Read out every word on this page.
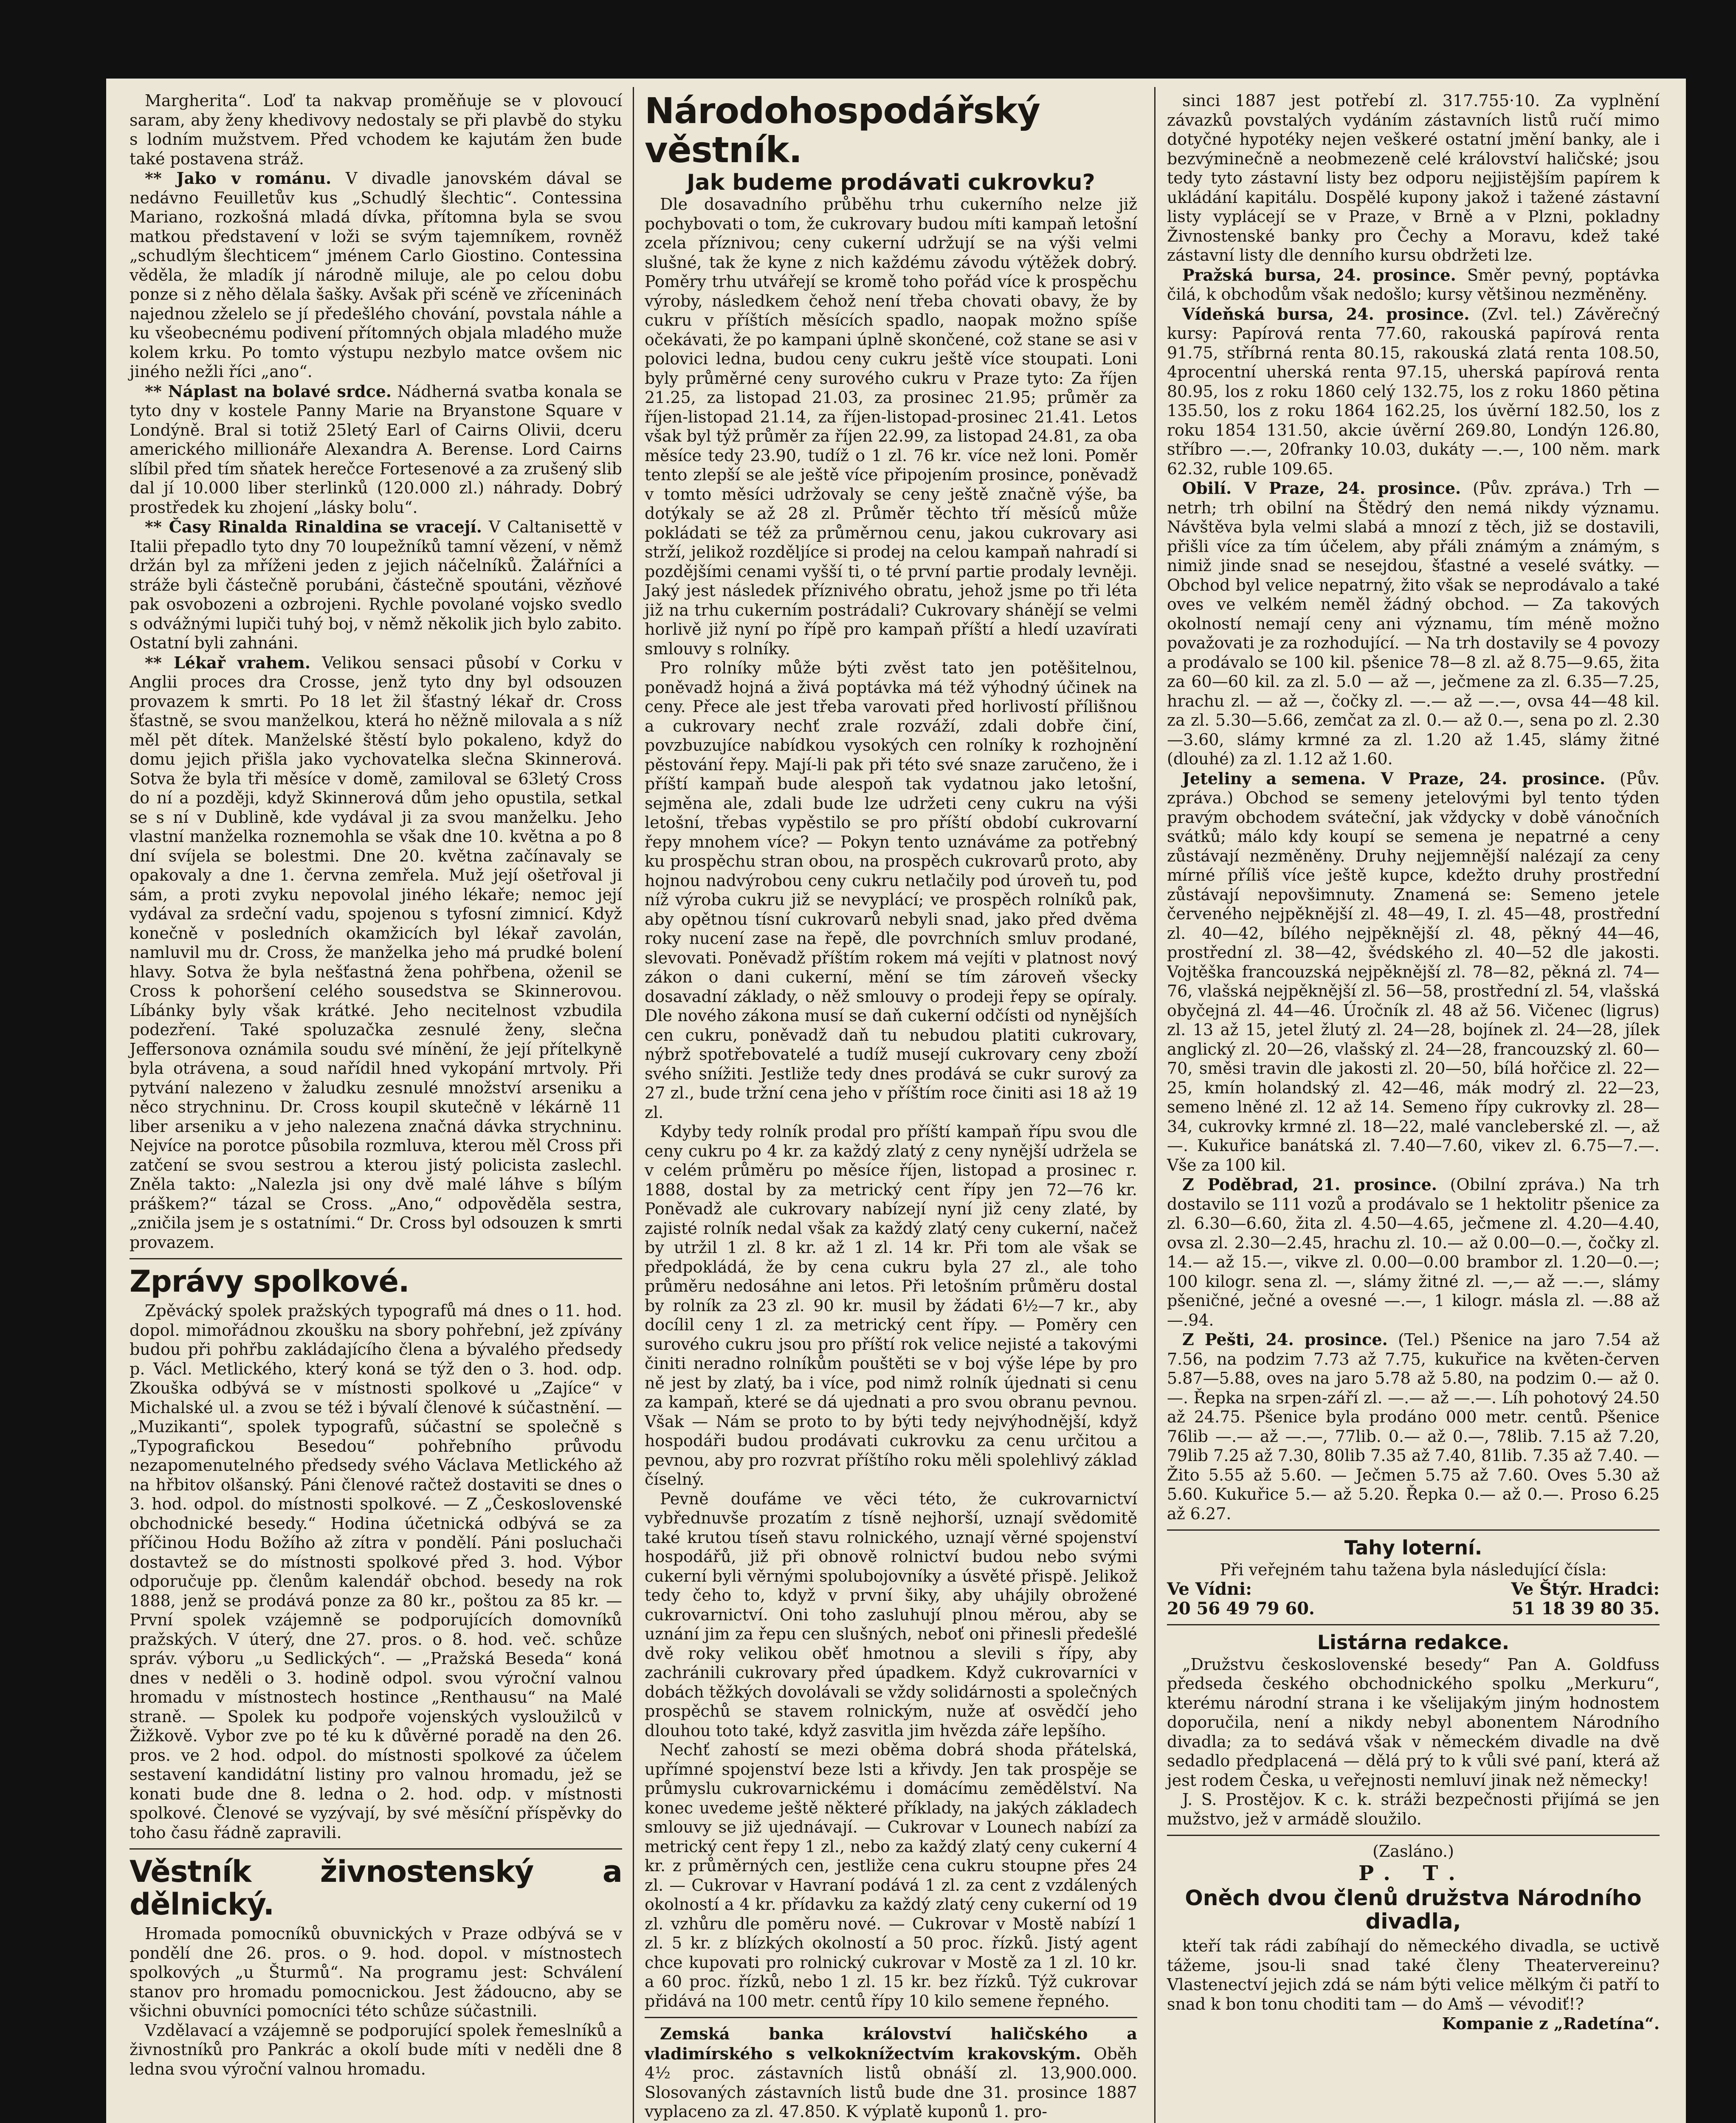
Margherita“. Loď ta nakvap proměňuje se v plovoucí saram, aby ženy khedivovy nedostaly se při plavbě do styku s lodním mužstvem. Před vchodem ke kajutám žen bude také postavena stráž.

** Jako v románu. V divadle janovském dával se nedávno Feuilletův kus „Schudlý šlechtic“. Contessina Mariano, rozkošná mladá dívka, přítomna byla se svou matkou představení v loži se svým tajemníkem, rovněž „schudlým šlechticem“ jménem Carlo Giostino. Contessina věděla, že mladík jí národně miluje, ale po celou dobu ponze si z něho dělala šašky. Avšak při scéně ve zříceninách najednou zželelo se jí předešlého chování, povstala náhle a ku všeobecnému podivení přítomných objala mladého muže kolem krku. Po tomto výstupu nezbylo matce ovšem nic jiného nežli říci „ano“.

** Náplast na bolavé srdce. Nádherná svatba konala se tyto dny v kostele Panny Marie na Bryanstone Square v Londýně. Bral si totiž 25letý Earl of Cairns Olivii, dceru amerického millionáře Alexandra A. Berense. Lord Cairns slíbil před tím sňatek herečce Fortesenové a za zrušený slib dal jí 10.000 liber sterlinků (120.000 zl.) náhrady. Dobrý prostředek ku zhojení „lásky bolu“.

** Časy Rinalda Rinaldina se vracejí. V Caltanisettě v Italii přepadlo tyto dny 70 loupežníků tamní vězení, v němž držán byl za mříženi jeden z jejich náčelníků. Žalářníci a stráže byli částečně porubáni, částečně spoutáni, vězňové pak osvobozeni a ozbrojeni. Rychle povolané vojsko svedlo s odvážnými lupiči tuhý boj, v němž několik jich bylo zabito. Ostatní byli zahnáni.

** Lékař vrahem. Velikou sensaci působí v Corku v Anglii proces dra Crosse, jenž tyto dny byl odsouzen provazem k smrti. Po 18 let žil šťastný lékař dr. Cross šťastně, se svou manželkou, která ho něžně milovala a s níž měl pět dítek. Manželské štěstí bylo pokaleno, když do domu jejich přišla jako vychovatelka slečna Skinnerová. Sotva že byla tři měsíce v domě, zamiloval se 63letý Cross do ní a později, když Skinnerová dům jeho opustila, setkal se s ní v Dublině, kde vydával ji za svou manželku. Jeho vlastní manželka roznemohla se však dne 10. května a po 8 dní svíjela se bolestmi. Dne 20. května začínavaly se opakovaly a dne 1. června zemřela. Muž její ošetřoval ji sám, a proti zvyku nepovolal jiného lékaře; nemoc její vydával za srdeční vadu, spojenou s tyfosní zimnicí. Když konečně v posledních okamžicích byl lékař zavolán, namluvil mu dr. Cross, že manželka jeho má prudké bolení hlavy. Sotva že byla nešťastná žena pohřbena, oženil se Cross k pohoršení celého sousedstva se Skinnerovou. Líbánky byly však krátké. Jeho necitelnost vzbudila podezření. Také spoluzačka zesnulé ženy, slečna Jeffersonova oznámila soudu své mínění, že její přítelkyně byla otrávena, a soud nařídil hned vykopání mrtvoly. Při pytvání nalezeno v žaludku zesnulé množství arseniku a něco strychninu. Dr. Cross koupil skutečně v lékárně 11 liber arseniku a v jeho nalezena značná dávka strychninu. Nejvíce na porotce působila rozmluva, kterou měl Cross při zatčení se svou sestrou a kterou jistý policista zaslechl. Zněla takto: „Nalezla jsi ony dvě malé láhve s bílým práškem?“ tázal se Cross. „Ano,“ odpověděla sestra, „zničila jsem je s ostatními.“ Dr. Cross byl odsouzen k smrti provazem.

Zprávy spolkové.

Zpěvácký spolek pražských typografů má dnes o 11. hod. dopol. mimořádnou zkoušku na sbory pohřební, jež zpívány budou při pohřbu zakládajícího člena a bývalého předsedy p. Václ. Metlického, který koná se týž den o 3. hod. odp. Zkouška odbývá se v místnosti spolkové u „Zajíce“ v Michalské ul. a zvou se též i bývalí členové k súčastnění. — „Muzikanti“, spolek typografů, súčastní se společně s „Typografickou Besedou“ pohřebního průvodu nezapomenutelného předsedy svého Václava Metlického až na hřbitov olšanský. Páni členové račtež dostaviti se dnes o 3. hod. odpol. do místnosti spolkové. — Z „Československé obchodnické besedy.“ Hodina účetnická odbývá se za příčinou Hodu Božího až zítra v pondělí. Páni posluchači dostavtež se do místnosti spolkové před 3. hod. Výbor odporučuje pp. členům kalendář obchod. besedy na rok 1888, jenž se prodává ponze za 80 kr., poštou za 85 kr. — První spolek vzájemně se podporujících domovníků pražských. V úterý, dne 27. pros. o 8. hod. več. schůze správ. výboru „u Sedlických“. — „Pražská Beseda“ koná dnes v neděli o 3. hodině odpol. svou výroční valnou hromadu v místnostech hostince „Renthausu“ na Malé straně. — Spolek ku podpoře vojenských vysloužilců v Žižkově. Vybor zve po té ku k důvěrné poradě na den 26. pros. ve 2 hod. odpol. do místnosti spolkové za účelem sestavení kandidátní listiny pro valnou hromadu, jež se konati bude dne 8. ledna o 2. hod. odp. v místnosti spolkové. Členové se vyzývají, by své měsíční příspěvky do toho času řádně zapravili.

Věstník živnostenský a dělnický.

Hromada pomocníků obuvnických v Praze odbývá se v pondělí dne 26. pros. o 9. hod. dopol. v místnostech spolkových „u Šturmů“. Na programu jest: Schválení stanov pro hromadu pomocnickou. Jest žádoucno, aby se všichni obuvníci pomocníci této schůze súčastnili.

Vzdělavací a vzájemně se podporující spolek řemeslníků a živnostníků pro Pankrác a okolí bude míti v neděli dne 8 ledna svou výroční valnou hromadu.

Národohospodářský věstník.
Jak budeme prodávati cukrovku?

Dle dosavadního průběhu trhu cukerního nelze již pochybovati o tom, že cukrovary budou míti kampaň letošní zcela příznivou; ceny cukerní udržují se na výši velmi slušné, tak že kyne z nich každému závodu výtěžek dobrý. Poměry trhu utvářejí se kromě toho pořád více k prospěchu výroby, následkem čehož není třeba chovati obavy, že by cukru v příštích měsících spadlo, naopak možno spíše očekávati, že po kampani úplně skončené, což stane se asi v polovici ledna, budou ceny cukru ještě více stoupati. Loni byly průměrné ceny surového cukru v Praze tyto: Za říjen 21.25, za listopad 21.03, za prosinec 21.95; průměr za říjen-listopad 21.14, za říjen-listopad-prosinec 21.41. Letos však byl týž průměr za říjen 22.99, za listopad 24.81, za oba měsíce tedy 23.90, tudíž o 1 zl. 76 kr. více než loni. Poměr tento zlepší se ale ještě více připojením prosince, poněvadž v tomto měsíci udržovaly se ceny ještě značně výše, ba dotýkaly se až 28 zl. Průměr těchto tří měsíců může pokládati se též za průměrnou cenu, jakou cukrovary asi strží, jelikož rozděljíce si prodej na celou kampaň nahradí si pozdějšími cenami vyšší ti, o té první partie prodaly levněji. Jaký jest následek příznivého obratu, jehož jsme po tři léta již na trhu cukerním postrádali? Cukrovary shánějí se velmi horlivě již nyní po řípě pro kampaň příští a hledí uzavírati smlouvy s rolníky.

Pro rolníky může býti zvěst tato jen potěšitelnou, poněvadž hojná a živá poptávka má též výhodný účinek na ceny. Přece ale jest třeba varovati před horlivostí přílišnou a cukrovary nechť zrale rozváží, zdali dobře činí, povzbuzujíce nabídkou vysokých cen rolníky k rozhojnění pěstování řepy. Mají-li pak při této své snaze zaručeno, že i příští kampaň bude alespoň tak vydatnou jako letošní, sejměna ale, zdali bude lze udržeti ceny cukru na výši letošní, třebas vypěstilo se pro příští období cukrovarní řepy mnohem více? — Pokyn tento uznáváme za potřebný ku prospěchu stran obou, na prospěch cukrovarů proto, aby hojnou nadvýrobou ceny cukru netlačily pod úroveň tu, pod níž výroba cukru již se nevyplácí; ve prospěch rolníků pak, aby opětnou tísní cukrovarů nebyli snad, jako před dvěma roky nucení zase na řepě, dle povrchních smluv prodané, slevovati. Poněvadž příštím rokem má vejíti v platnost nový zákon o dani cukerní, mění se tím zároveň všecky dosavadní základy, o něž smlouvy o prodeji řepy se opíraly. Dle nového zákona musí se daň cukerní odčísti od nynějších cen cukru, poněvadž daň tu nebudou platiti cukrovary, nýbrž spotřebovatelé a tudíž musejí cukrovary ceny zboží svého snížiti. Jestliže tedy dnes prodává se cukr surový za 27 zl., bude tržní cena jeho v příštím roce činiti asi 18 až 19 zl.

Kdyby tedy rolník prodal pro příští kampaň řípu svou dle ceny cukru po 4 kr. za každý zlatý z ceny nynější udržela se v celém průměru po měsíce říjen, listopad a prosinec r. 1888, dostal by za metrický cent řípy jen 72—76 kr. Poněvadž ale cukrovary nabízejí nyní již ceny zlaté, by zajisté rolník nedal však za každý zlatý ceny cukerní, načež by utržil 1 zl. 8 kr. až 1 zl. 14 kr. Při tom ale však se předpokládá, že by cena cukru byla 27 zl., ale toho průměru nedosáhne ani letos. Při letošním průměru dostal by rolník za 23 zl. 90 kr. musil by žádati 6½—7 kr., aby docílil ceny 1 zl. za metrický cent řípy. — Poměry cen surového cukru jsou pro příští rok velice nejisté a takovými činiti neradno rolníkům pouštěti se v boj výše lépe by pro ně jest by zlatý, ba i více, pod nimž rolník újednati si cenu za kampaň, které se dá ujednati a pro svou obranu pevnou. Však — Nám se proto to by býti tedy nejvýhodnější, když hospodáři budou prodávati cukrovku za cenu určitou a pevnou, aby pro rozvrat příštího roku měli spolehlivý základ číselný.

Pevně doufáme ve věci této, že cukrovarnictví vybřednuvše prozatím z tísně nejhorší, uznají svědomitě také krutou tíseň stavu rolnického, uznají věrné spojenství hospodářů, již při obnově rolnictví budou nebo svými cukerní byli věrnými spolubojovníky a úsvěté přispě. Jelikož tedy čeho to, když v první šiky, aby uhájily obrožené cukrovarnictví. Oni toho zasluhují plnou měrou, aby se uznání jim za řepu cen slušných, neboť oni přinesli předešlé dvě roky velikou oběť hmotnou a slevili s řípy, aby zachránili cukrovary před úpadkem. Když cukrovarníci v dobách těžkých dovolávali se vždy solidárnosti a společných prospěchů se stavem rolnickým, nuže ať osvědčí jeho dlouhou toto také, když zasvitla jim hvězda záře lepšího.

Nechť zahostí se mezi oběma dobrá shoda přátelská, upřímné spojenství beze lsti a křivdy. Jen tak prospěje se průmyslu cukrovarnickému i domácímu zemědělství. Na konec uvedeme ještě některé příklady, na jakých základech smlouvy se již ujednávají. — Cukrovar v Lounech nabízí za metrický cent řepy 1 zl., nebo za každý zlatý ceny cukerní 4 kr. z průměrných cen, jestliže cena cukru stoupne přes 24 zl. — Cukrovar v Havraní podává 1 zl. za cent z vzdálených okolností a 4 kr. přídavku za každý zlatý ceny cukerní od 19 zl. vzhůru dle poměru nové. — Cukrovar v Mostě nabízí 1 zl. 5 kr. z blízkých okolností a 50 proc. řízků. Jistý agent chce kupovati pro rolnický cukrovar v Mostě za 1 zl. 10 kr. a 60 proc. řízků, nebo 1 zl. 15 kr. bez řízků. Týž cukrovar přidává na 100 metr. centů řípy 10 kilo semene řepného.

Zemská banka království haličského a vladimírského s velkoknížectvím krakovským. Oběh 4½ proc. zástavních listů obnáší zl. 13,900.000. Slosovaných zástavních listů bude dne 31. prosince 1887 vyplaceno za zl. 47.850. K výplatě kuponů 1. pro-

sinci 1887 jest potřebí zl. 317.755·10. Za vyplnění závazků povstalých vydáním zástavních listů ručí mimo dotyčné hypotéky nejen veškeré ostatní jmění banky, ale i bezvýminečně a neobmezeně celé království haličské; jsou tedy tyto zástavní listy bez odporu nejjistějším papírem k ukládání kapitálu. Dospělé kupony jakož i tažené zástavní listy vyplácejí se v Praze, v Brně a v Plzni, pokladny Živnostenské banky pro Čechy a Moravu, kdež také zástavní listy dle denního kursu obdržeti lze.

Pražská bursa, 24. prosince. Směr pevný, poptávka čilá, k obchodům však nedošlo; kursy většinou nezměněny.

Vídeňská bursa, 24. prosince. (Zvl. tel.) Závěrečný kursy: Papírová renta 77.60, rakouská papírová renta 91.75, stříbrná renta 80.15, rakouská zlatá renta 108.50, 4procentní uherská renta 97.15, uherská papírová renta 80.95, los z roku 1860 celý 132.75, los z roku 1860 pětina 135.50, los z roku 1864 162.25, los úvěrní 182.50, los z roku 1854 131.50, akcie úvěrní 269.80, Londýn 126.80, stříbro —.—, 20franky 10.03, dukáty —.—, 100 něm. mark 62.32, ruble 109.65.

Obilí. V Praze, 24. prosince. (Pův. zpráva.) Trh — netrh; trh obilní na Štědrý den nemá nikdy významu. Návštěva byla velmi slabá a mnozí z těch, již se dostavili, přišli více za tím účelem, aby přáli známým a známým, s nimiž jinde snad se nesejdou, šťastné a veselé svátky. — Obchod byl velice nepatrný, žito však se neprodávalo a také oves ve velkém neměl žádný obchod. — Za takových okolností nemají ceny ani významu, tím méně možno považovati je za rozhodující. — Na trh dostavily se 4 povozy a prodávalo se 100 kil. pšenice 78—8 zl. až 8.75—9.65, žita za 60—60 kil. za zl. 5.0 — až —, ječmene za zl. 6.35—7.25, hrachu zl. — až —, čočky zl. —.— až —.—, ovsa 44—48 kil. za zl. 5.30—5.66, zemčat za zl. 0.— až 0.—, sena po zl. 2.30—3.60, slámy krmné za zl. 1.20 až 1.45, slámy žitné (dlouhé) za zl. 1.12 až 1.60.

Jeteliny a semena. V Praze, 24. prosince. (Pův. zpráva.) Obchod se semeny jetelovými byl tento týden pravým obchodem sváteční, jak vždycky v době vánočních svátků; málo kdy koupí se semena je nepatrné a ceny zůstávají nezměněny. Druhy nejjemnější nalézají za ceny mírné příliš více ještě kupce, kdežto druhy prostřední zůstávají nepovšimnuty. Znamená se: Semeno jetele červeného nejpěknější zl. 48—49, I. zl. 45—48, prostřední zl. 40—42, bílého nejpěknější zl. 48, pěkný 44—46, prostřední zl. 38—42, švédského zl. 40—52 dle jakosti. Vojtěška francouzská nejpěknější zl. 78—82, pěkná zl. 74—76, vlašská nejpěknější zl. 56—58, prostřední zl. 54, vlašská obyčejná zl. 44—46. Úročník zl. 48 až 56. Vičenec (ligrus) zl. 13 až 15, jetel žlutý zl. 24—28, bojínek zl. 24—28, jílek anglický zl. 20—26, vlašský zl. 24—28, francouzský zl. 60—70, směsi travin dle jakosti zl. 20—50, bílá hořčice zl. 22—25, kmín holandský zl. 42—46, mák modrý zl. 22—23, semeno lněné zl. 12 až 14. Semeno řípy cukrovky zl. 28—34, cukrovky krmné zl. 18—22, malé vancleberské zl. —, až —. Kukuřice banátská zl. 7.40—7.60, vikev zl. 6.75—7.—. Vše za 100 kil.

Z Poděbrad, 21. prosince. (Obilní zpráva.) Na trh dostavilo se 111 vozů a prodávalo se 1 hektolitr pšenice za zl. 6.30—6.60, žita zl. 4.50—4.65, ječmene zl. 4.20—4.40, ovsa zl. 2.30—2.45, hrachu zl. 10.— až 0.00—0.—, čočky zl. 14.— až 15.—, vikve zl. 0.00—0.00 brambor zl. 1.20—0.—; 100 kilogr. sena zl. —, slámy žitné zl. —,— až —.—, slámy pšeničné, ječné a ovesné —.—, 1 kilogr. másla zl. —.88 až —.94.

Z Pešti, 24. prosince. (Tel.) Pšenice na jaro 7.54 až 7.56, na podzim 7.73 až 7.75, kukuřice na květen-červen 5.87—5.88, oves na jaro 5.78 až 5.80, na podzim 0.— až 0.—. Řepka na srpen-září zl. —.— až —.—. Líh pohotový 24.50 až 24.75. Pšenice byla prodáno 000 metr. centů. Pšenice 76lib —.— až —.—, 77lib. 0.— až 0.—, 78lib. 7.15 až 7.20, 79lib 7.25 až 7.30, 80lib 7.35 až 7.40, 81lib. 7.35 až 7.40. — Žito 5.55 až 5.60. — Ječmen 5.75 až 7.60. Oves 5.30 až 5.60. Kukuřice 5.— až 5.20. Řepka 0.— až 0.—. Proso 6.25 až 6.27.

Tahy loterní.

Při veřejném tahu tažena byla následující čísla:

Ve Vídni:	Ve Štýr. Hradci:
20 56 49 79 60.	51 18 39 80 35.
Listárna redakce.

„Družstvu československé besedy“ Pan A. Goldfuss předseda českého obchodnického spolku „Merkuru“, kterému národní strana i ke všelijakým jiným hodnostem doporučila, není a nikdy nebyl abonentem Národního divadla; za to sedává však v německém divadle na dvě sedadlo předplacená — dělá prý to k vůli své paní, která až jest rodem Česka, u veřejnosti nemluví jinak než německy!

J. S. Prostějov. K c. k. stráži bezpečnosti přijímá se jen mužstvo, jež v armádě sloužilo.

(Zasláno.)

P. T.
Oněch dvou členů družstva Národního divadla,

kteří tak rádi zabíhají do německého divadla, se uctivě tážeme, jsou-li snad také členy Theatervereinu? Vlastenectví jejich zdá se nám býti velice mělkým či patří to snad k bon tonu choditi tam — do Amš — vévodiť!?

Kompanie z „Radetína“.
